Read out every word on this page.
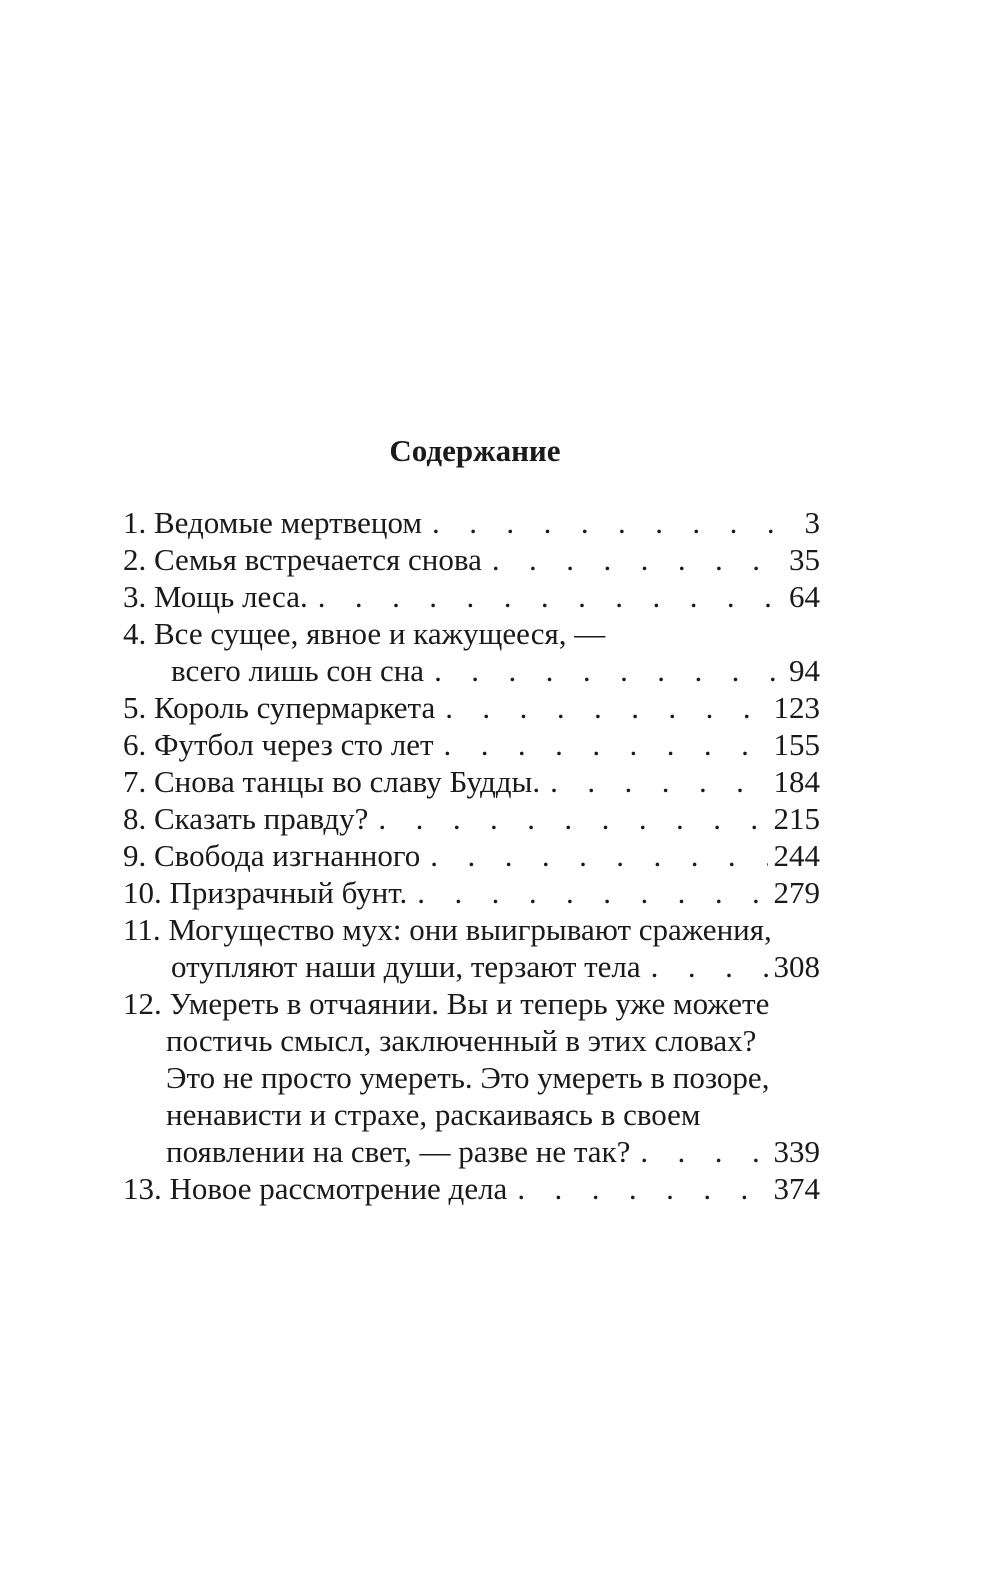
Содержание
1. Ведомые мертвецом . . .	3
2. Семья встречается снова . . .	35
3. Мощь леса. . . .	64
4. Все сущее, явное и кажущееся, —
всего лишь сон сна . . .	94
5. Король супермаркета . . .	123
6. Футбол через сто лет . . .	155
7. Снова танцы во славу Будды. . . .	184
8. Сказать правду? . . .	215
9. Свобода изгнанного . . .	244
10. Призрачный бунт. . . .	279
11. Могущество мух: они выигрывают сражения,
отупляют наши души, терзают тела . . .	308
12. Умереть в отчаянии. Вы и теперь уже можете
постичь смысл, заключенный в этих словах?
Это не просто умереть. Это умереть в позоре,
ненависти и страхе, раскаиваясь в своем
появлении на свет, — разве не так? . . .	339
13. Новое рассмотрение дела . . .	374
